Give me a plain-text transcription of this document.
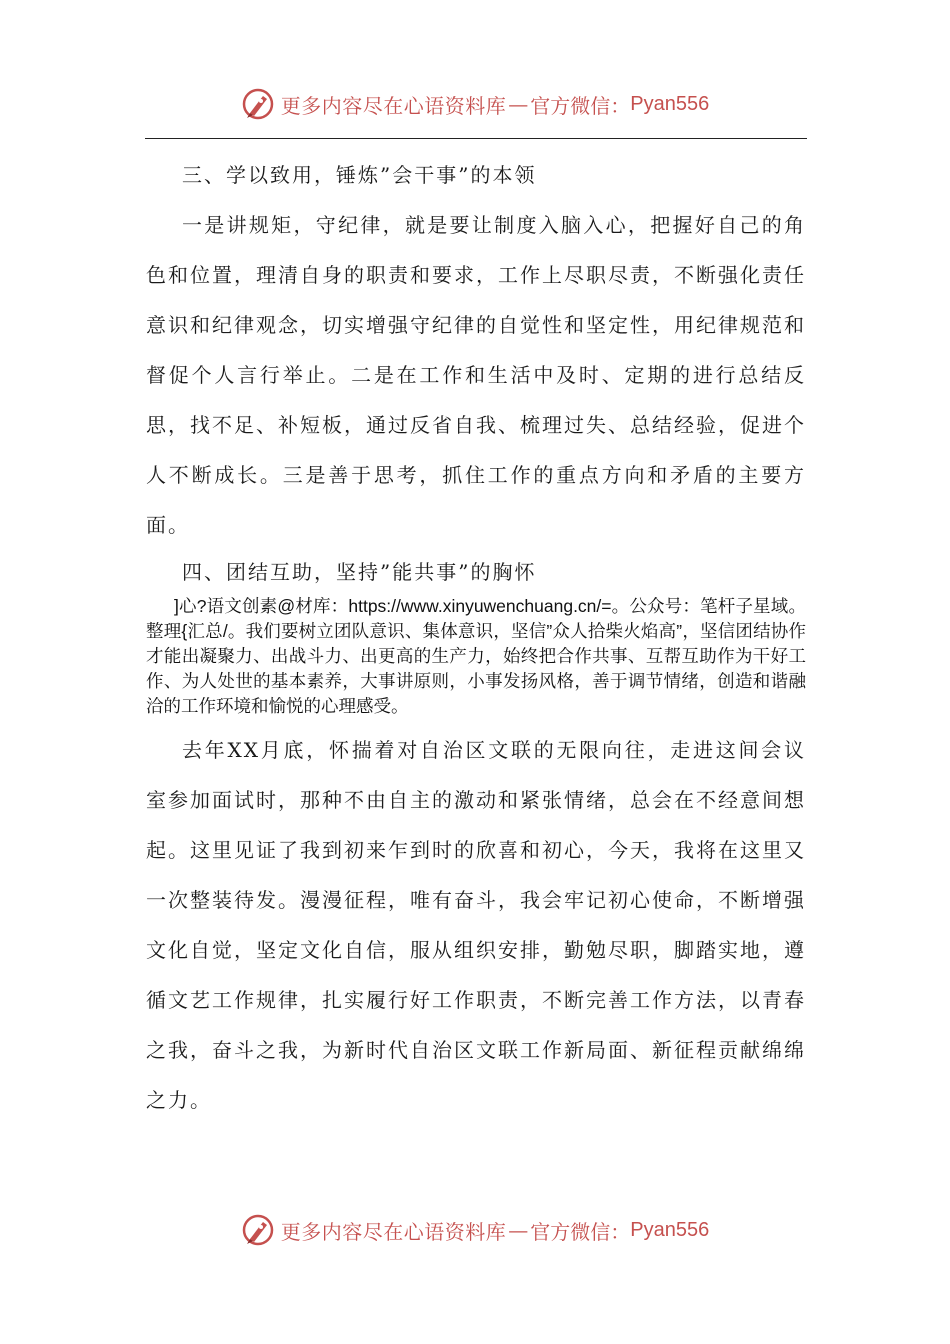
更多内容尽在心语资料库 — 官方微信： Pyan556

三、学以致用，锤炼”会干事”的本领

一是讲规矩，守纪律，就是要让制度入脑入心，把握好自己的角色和位置，理清自身的职责和要求，工作上尽职尽责，不断强化责任意识和纪律观念，切实增强守纪律的自觉性和坚定性，用纪律规范和督促个人言行举止。二是在工作和生活中及时、定期的进行总结反思，找不足、补短板，通过反省自我、梳理过失、总结经验，促进个人不断成长。三是善于思考，抓住工作的重点方向和矛盾的主要方面。

四、团结互助，坚持”能共事”的胸怀

]心?语文创素@材库：https://www.xinyuwenchuang.cn/=。公众号：笔杆子星域。整理{汇总/。我们要树立团队意识、集体意识，坚信”众人拾柴火焰高”，坚信团结协作才能出凝聚力、出战斗力、出更高的生产力，始终把合作共事、互帮互助作为干好工作、为人处世的基本素养，大事讲原则，小事发扬风格，善于调节情绪，创造和谐融洽的工作环境和愉悦的心理感受。

去年XX月底，怀揣着对自治区文联的无限向往，走进这间会议室参加面试时，那种不由自主的激动和紧张情绪，总会在不经意间想起。这里见证了我到初来乍到时的欣喜和初心，今天，我将在这里又一次整装待发。漫漫征程，唯有奋斗，我会牢记初心使命，不断增强文化自觉，坚定文化自信，服从组织安排，勤勉尽职，脚踏实地，遵循文艺工作规律，扎实履行好工作职责，不断完善工作方法，以青春之我，奋斗之我，为新时代自治区文联工作新局面、新征程贡献绵绵之力。

更多内容尽在心语资料库 — 官方微信： Pyan556
